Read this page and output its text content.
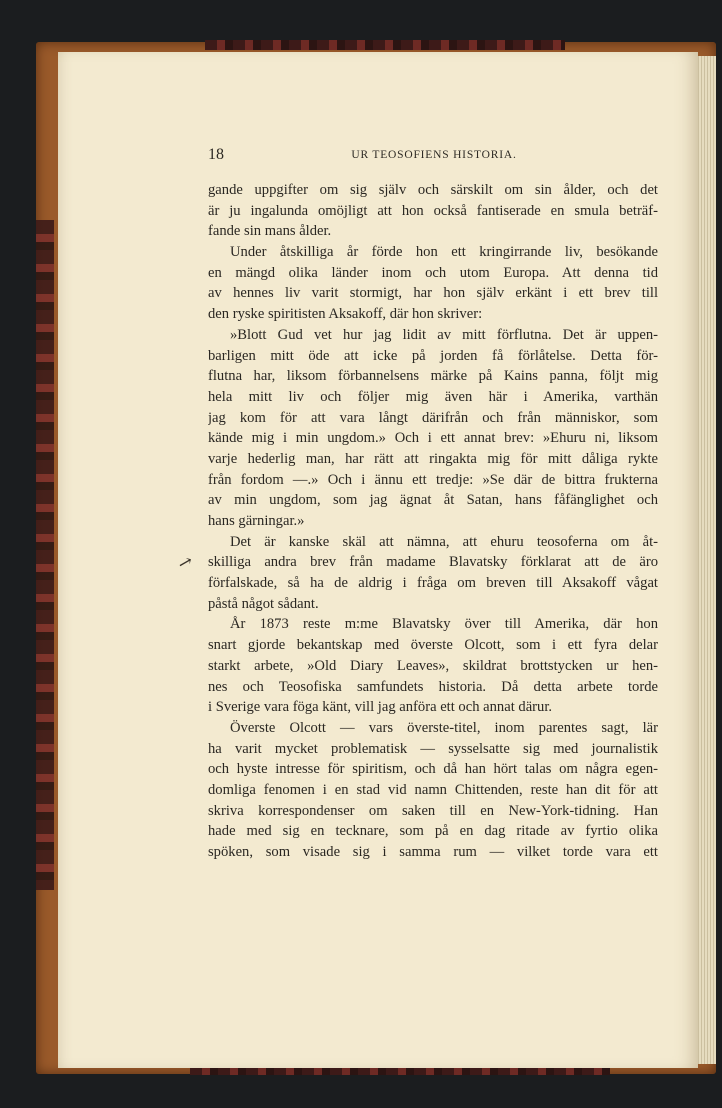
18	UR TEOSOFIENS HISTORIA.
↗
gande uppgifter om sig själv och särskilt om sin ålder, och det
är ju ingalunda omöjligt att hon också fantiserade en smula beträf-
fande sin mans ålder.
Under åtskilliga år förde hon ett kringirrande liv, besökande
en mängd olika länder inom och utom Europa. Att denna tid
av hennes liv varit stormigt, har hon själv erkänt i ett brev till
den ryske spiritisten Aksakoff, där hon skriver:
»Blott Gud vet hur jag lidit av mitt förflutna. Det är uppen-
barligen mitt öde att icke på jorden få förlåtelse. Detta för-
flutna har, liksom förbannelsens märke på Kains panna, följt mig
hela mitt liv och följer mig även här i Amerika, varthän
jag kom för att vara långt därifrån och från människor, som
kände mig i min ungdom.» Och i ett annat brev: »Ehuru ni, liksom
varje hederlig man, har rätt att ringakta mig för mitt dåliga rykte
från fordom —.» Och i ännu ett tredje: »Se där de bittra frukterna
av min ungdom, som jag ägnat åt Satan, hans fåfänglighet och
hans gärningar.»
Det är kanske skäl att nämna, att ehuru teosoferna om åt-
skilliga andra brev från madame Blavatsky förklarat att de äro
förfalskade, så ha de aldrig i fråga om breven till Aksakoff vågat
påstå något sådant.
År 1873 reste m:me Blavatsky över till Amerika, där hon
snart gjorde bekantskap med överste Olcott, som i ett fyra delar
starkt arbete, »Old Diary Leaves», skildrat brottstycken ur hen-
nes och Teosofiska samfundets historia. Då detta arbete torde
i Sverige vara föga känt, vill jag anföra ett och annat därur.
Överste Olcott — vars överste-titel, inom parentes sagt, lär
ha varit mycket problematisk — sysselsatte sig med journalistik
och hyste intresse för spiritism, och då han hört talas om några egen-
domliga fenomen i en stad vid namn Chittenden, reste han dit för att
skriva korrespondenser om saken till en New-York-tidning. Han
hade med sig en tecknare, som på en dag ritade av fyrtio olika
spöken, som visade sig i samma rum — vilket torde vara ett
